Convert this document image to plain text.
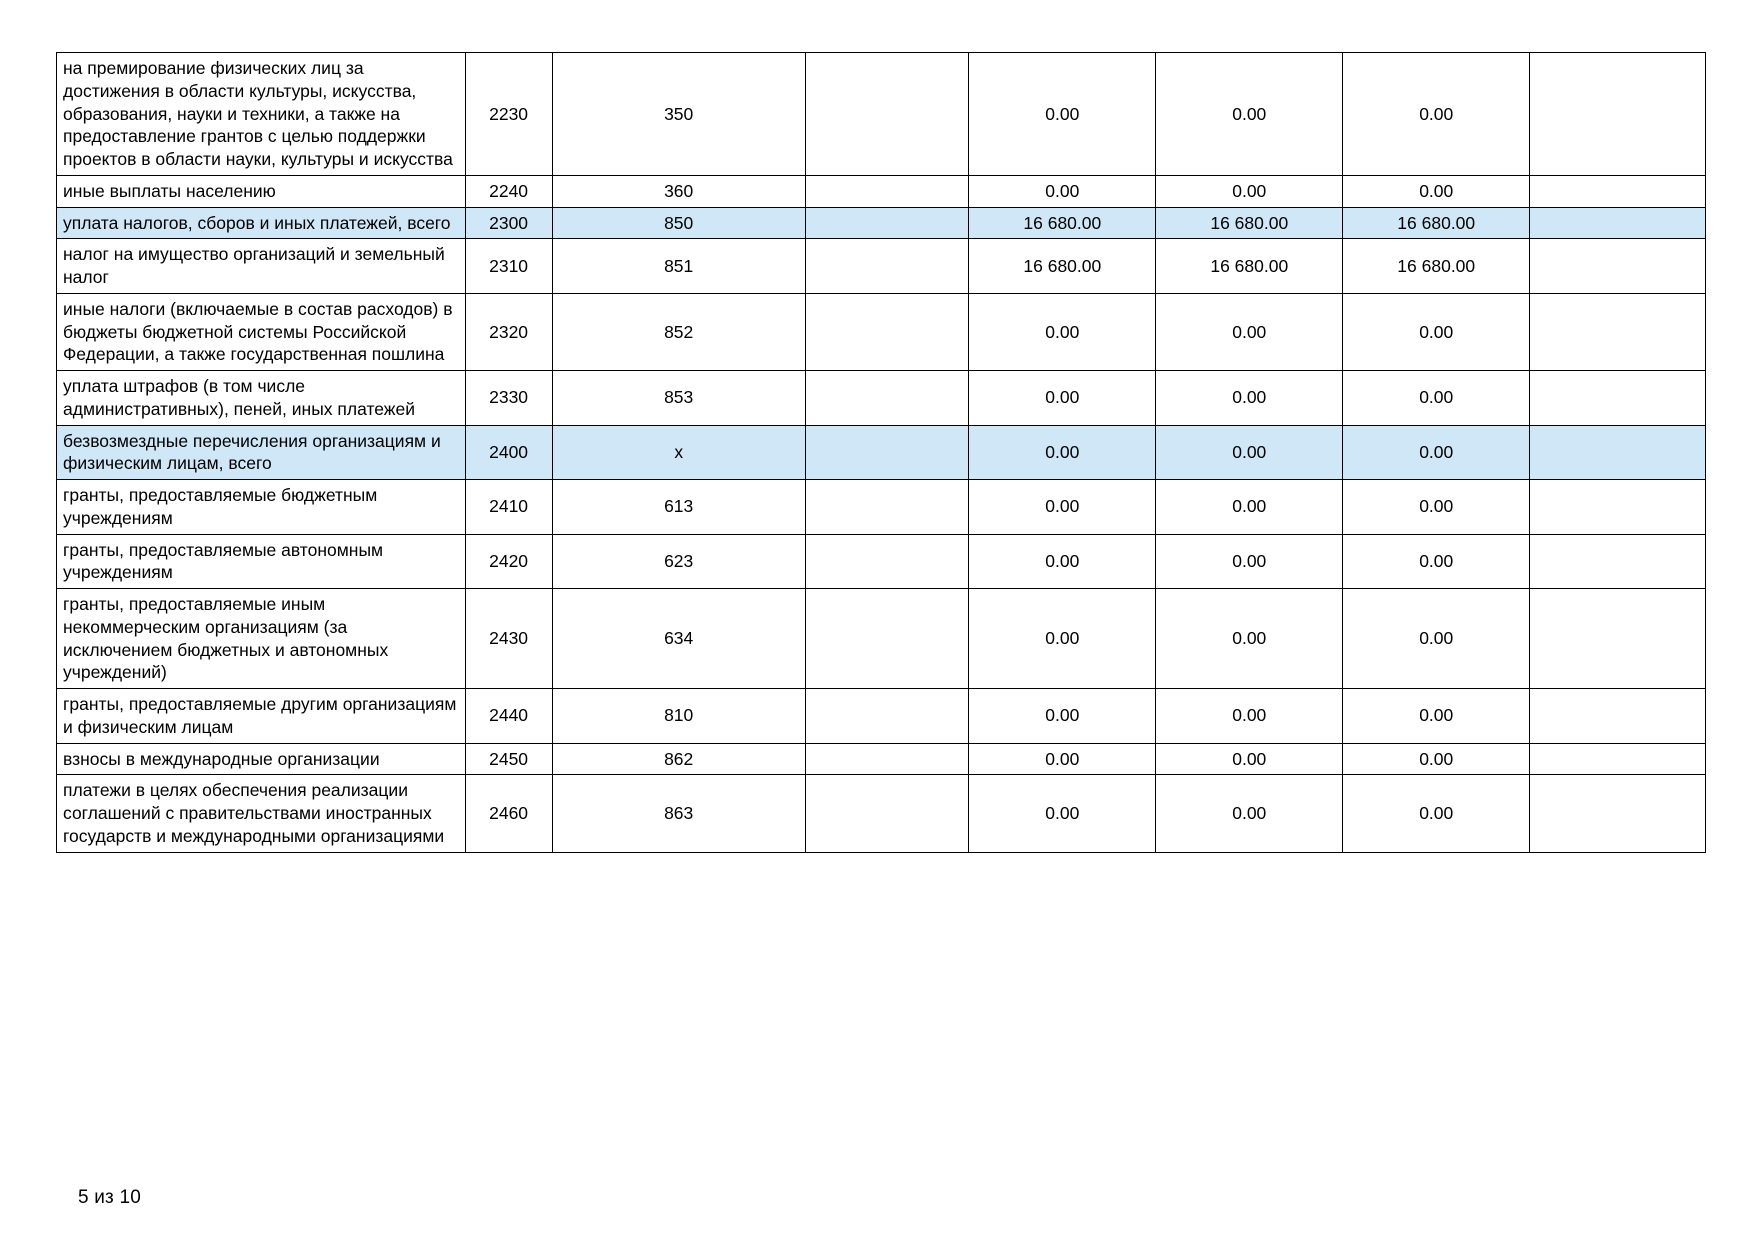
на премирование физических лиц за достижения в области культуры, искусства, образования, науки и техники, а также на предоставление грантов с целью поддержки проектов в области науки, культуры и искусства	2230	350		0.00	0.00	0.00	
иные выплаты населению	2240	360		0.00	0.00	0.00	
уплата налогов, сборов и иных платежей, всего	2300	850		16 680.00	16 680.00	16 680.00	
налог на имущество организаций и земельный налог	2310	851		16 680.00	16 680.00	16 680.00	
иные налоги (включаемые в состав расходов) в бюджеты бюджетной системы Российской Федерации, а также государственная пошлина	2320	852		0.00	0.00	0.00	
уплата штрафов (в том числе административных), пеней, иных платежей	2330	853		0.00	0.00	0.00	
безвозмездные перечисления организациям и физическим лицам, всего	2400	x		0.00	0.00	0.00	
гранты, предоставляемые бюджетным учреждениям	2410	613		0.00	0.00	0.00	
гранты, предоставляемые автономным учреждениям	2420	623		0.00	0.00	0.00	
гранты, предоставляемые иным некоммерческим организациям (за исключением бюджетных и автономных учреждений)	2430	634		0.00	0.00	0.00	
гранты, предоставляемые другим организациям и физическим лицам	2440	810		0.00	0.00	0.00	
взносы в международные организации	2450	862		0.00	0.00	0.00	
платежи в целях обеспечения реализации соглашений с правительствами иностранных государств и международными организациями	2460	863		0.00	0.00	0.00	
5 из 10
